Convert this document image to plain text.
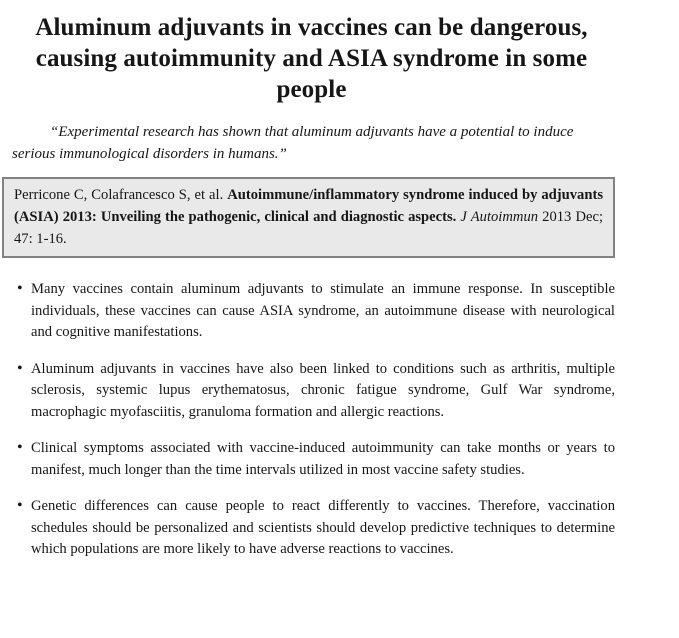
Aluminum adjuvants in vaccines can be dangerous, causing autoimmunity and ASIA syndrome in some people

“Experimental research has shown that aluminum adjuvants have a potential to induce serious immunological disorders in humans.”

Perricone C, Colafrancesco S, et al. Autoimmune/inflammatory syndrome induced by adjuvants (ASIA) 2013: Unveiling the pathogenic, clinical and diagnostic aspects. J Autoimmun 2013 Dec; 47: 1-16.
• Many vaccines contain aluminum adjuvants to stimulate an immune response. In susceptible individuals, these vaccines can cause ASIA syndrome, an autoimmune disease with neurological and cognitive manifestations.
• Aluminum adjuvants in vaccines have also been linked to conditions such as arthritis, multiple sclerosis, systemic lupus erythematosus, chronic fatigue syndrome, Gulf War syndrome, macrophagic myofasciitis, granuloma formation and allergic reactions.
• Clinical symptoms associated with vaccine-induced autoimmunity can take months or years to manifest, much longer than the time intervals utilized in most vaccine safety studies.
• Genetic differences can cause people to react differently to vaccines. Therefore, vaccination schedules should be personalized and scientists should develop predictive techniques to determine which populations are more likely to have adverse reactions to vaccines.
